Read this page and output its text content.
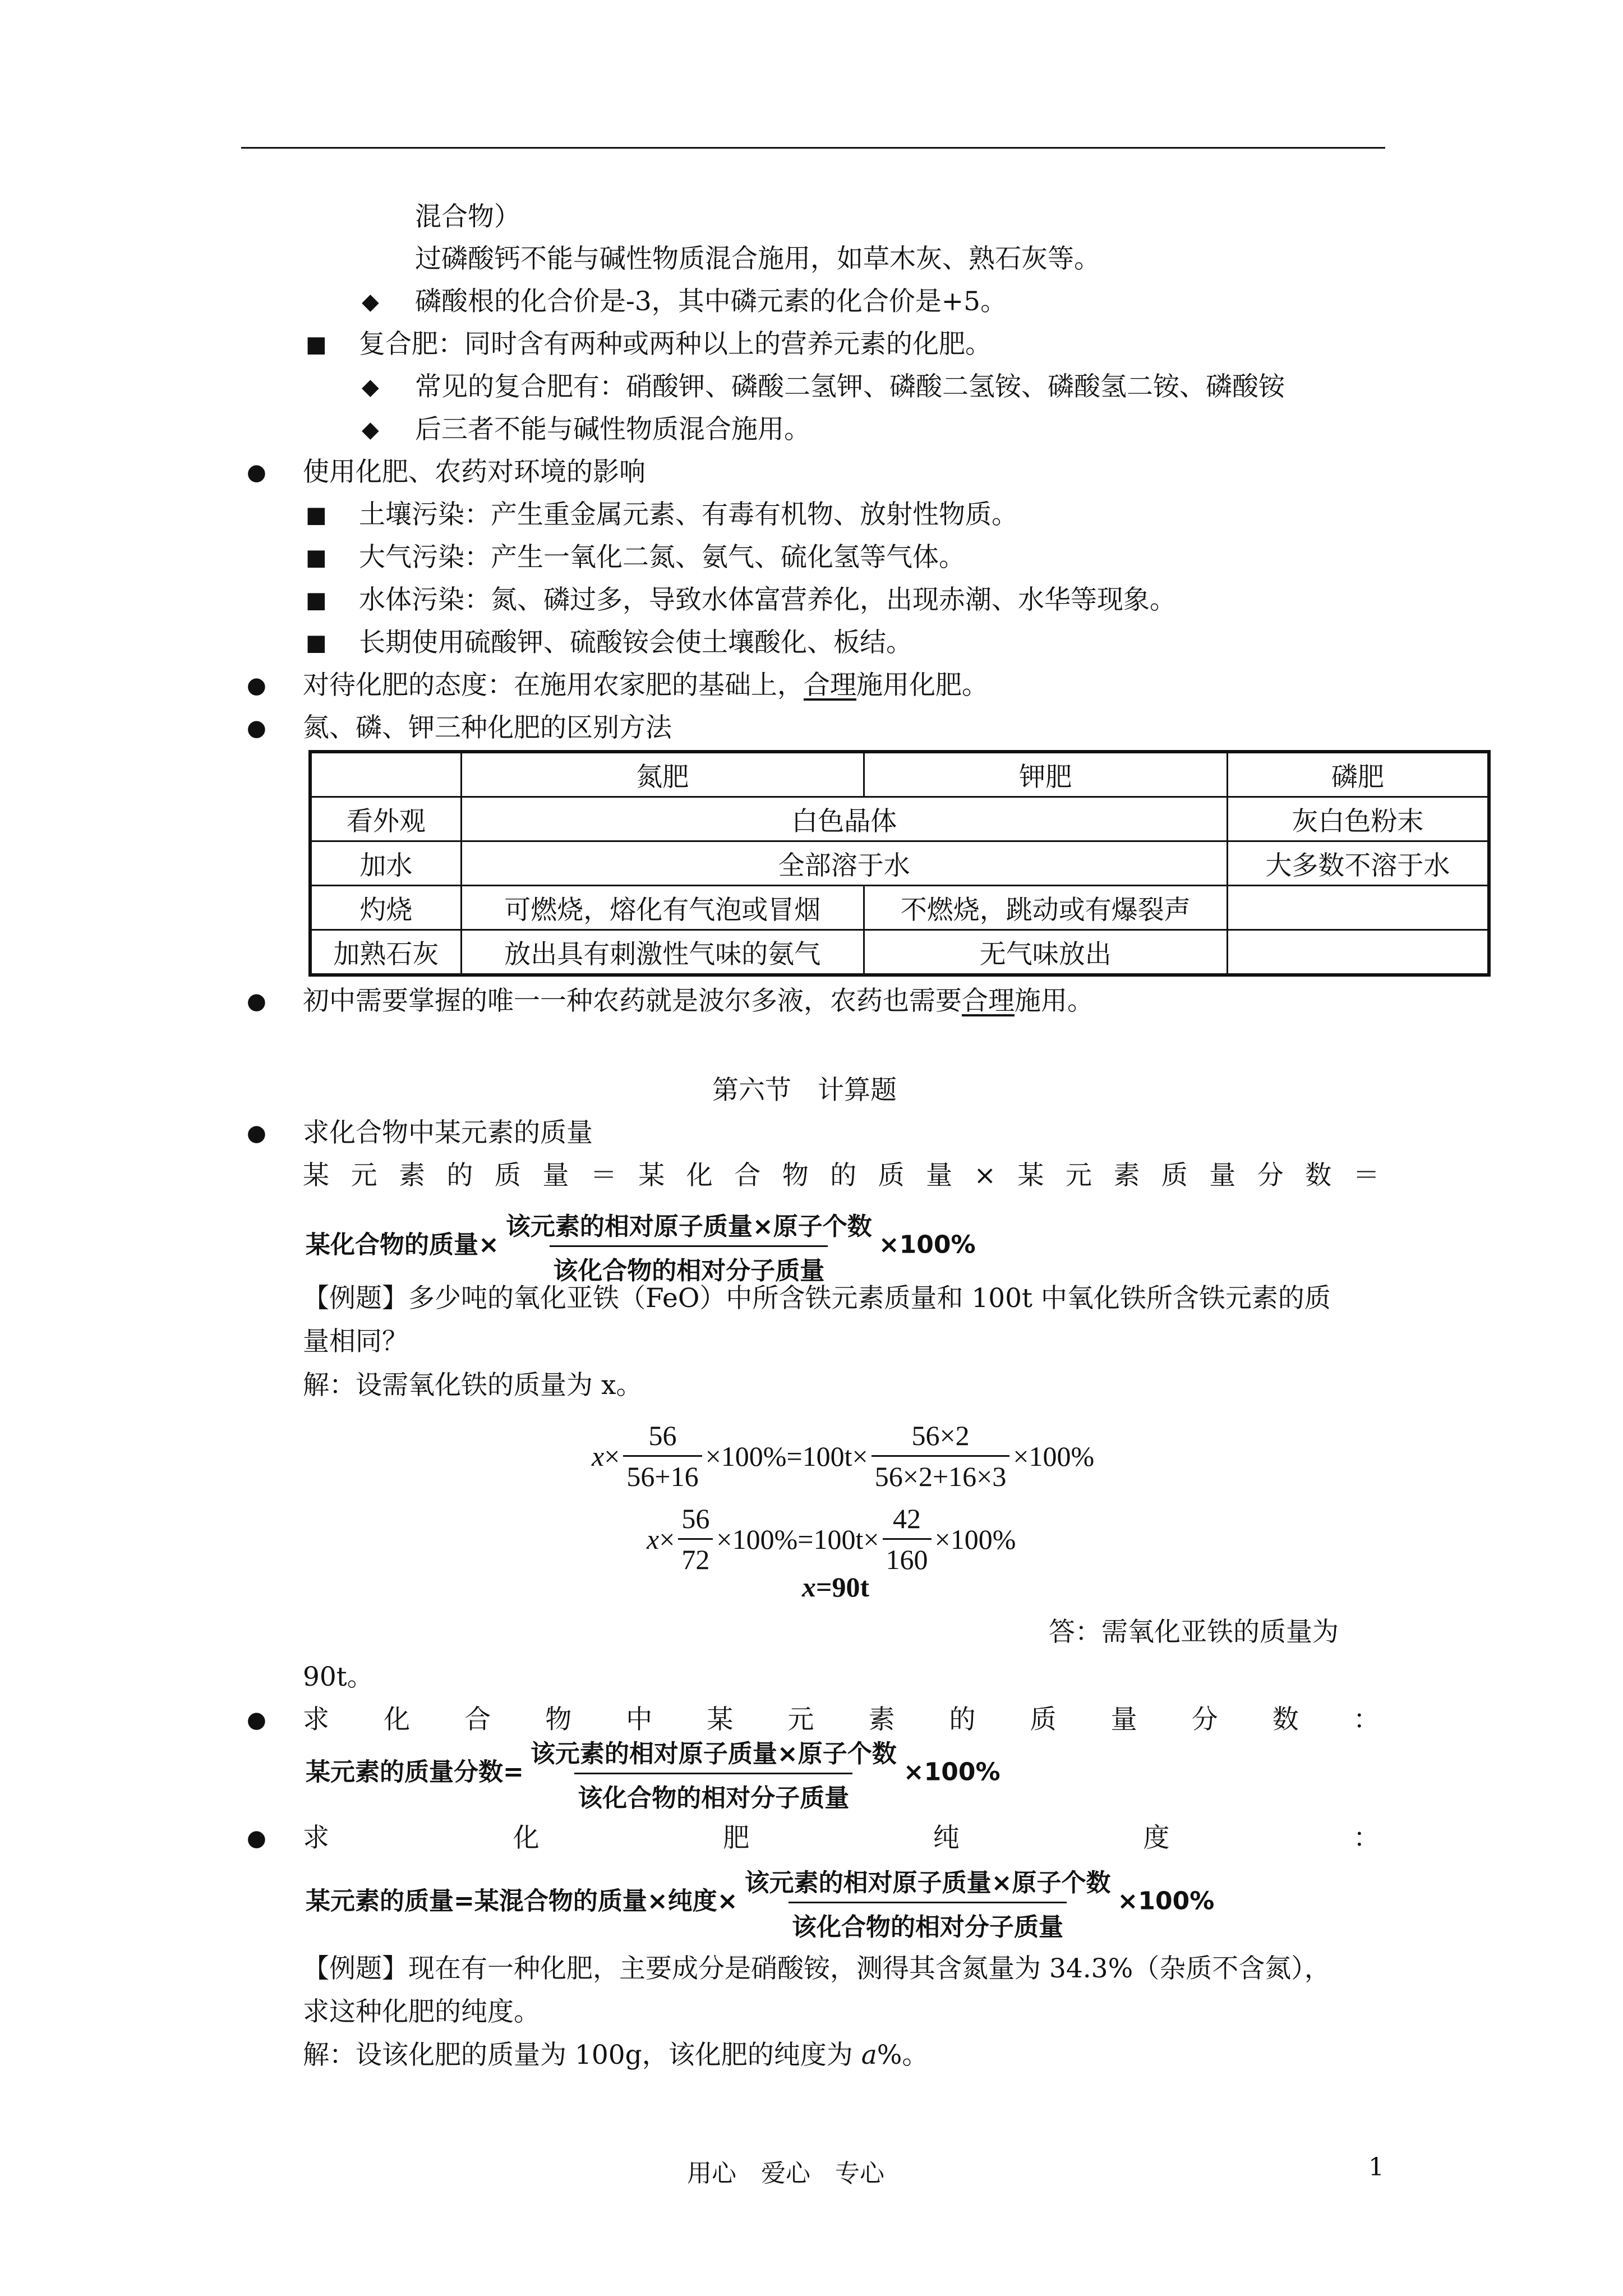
混合物）
过磷酸钙不能与碱性物质混合施用，如草木灰、熟石灰等。
◆ 磷酸根的化合价是-3，其中磷元素的化合价是+5。
■ 复合肥：同时含有两种或两种以上的营养元素的化肥。
◆ 常见的复合肥有：硝酸钾、磷酸二氢钾、磷酸二氢铵、磷酸氢二铵、磷酸铵
◆ 后三者不能与碱性物质混合施用。
● 使用化肥、农药对环境的影响
■ 土壤污染：产生重金属元素、有毒有机物、放射性物质。
■ 大气污染：产生一氧化二氮、氨气、硫化氢等气体。
■ 水体污染：氮、磷过多，导致水体富营养化，出现赤潮、水华等现象。
■ 长期使用硫酸钾、硫酸铵会使土壤酸化、板结。
● 对待化肥的态度：在施用农家肥的基础上，合理施用化肥。
● 氮、磷、钾三种化肥的区别方法
	氮肥	钾肥	磷肥
看外观	白色晶体		灰白色粉末
加水	全部溶于水		大多数不溶于水
灼烧	可燃烧，熔化有气泡或冒烟	不燃烧，跳动或有爆裂声	
加熟石灰	放出具有刺激性气味的氨气	无气味放出	
● 初中需要掌握的唯一一种农药就是波尔多液，农药也需要合理施用。
第六节　计算题
● 求化合物中某元素的质量
某 元 素 的 质 量 ＝ 某 化 合 物 的 质 量 × 某 元 素 质 量 分 数 ＝
某化合物的质量× $\frac{\text{该元素的相对原子质量×原子个数}}{\text{该化合物的相对分子质量}} \times 100\%$
【例题】多少吨的氧化亚铁（FeO）中所含铁元素质量和 100t 中氧化铁所含铁元素的质
量相同？
解：设需氧化铁的质量为 x。
$x \times \frac{56}{56+16} \times 100\%=100t\times \frac{56\times 2}{56\times 2+16\times 3} \times 100\%$
$x \times \frac{56}{72} \times 100\%=100t\times \frac{42}{160} \times 100\%$
x =90t
答：需氧化亚铁的质量为
90t。
● 求 化 合 物 中 某 元 素 的 质 量 分 数 ：
某元素的质量分数= $\frac{\text{该元素的相对原子质量×原子个数}}{\text{该化合物的相对分子质量}} \times 100\%$
● 求	化	肥	纯	度	：
某元素的质量=某混合物的质量×纯度× $\frac{\text{该元素的相对原子质量×原子个数}}{\text{该化合物的相对分子质量}} \times 100\%$
【例题】现在有一种化肥，主要成分是硝酸铵，测得其含氮量为 34.3%（杂质不含氮），
求这种化肥的纯度。
解：设该化肥的质量为 100g，该化肥的纯度为 a%。
用心　爱心　专心	1
